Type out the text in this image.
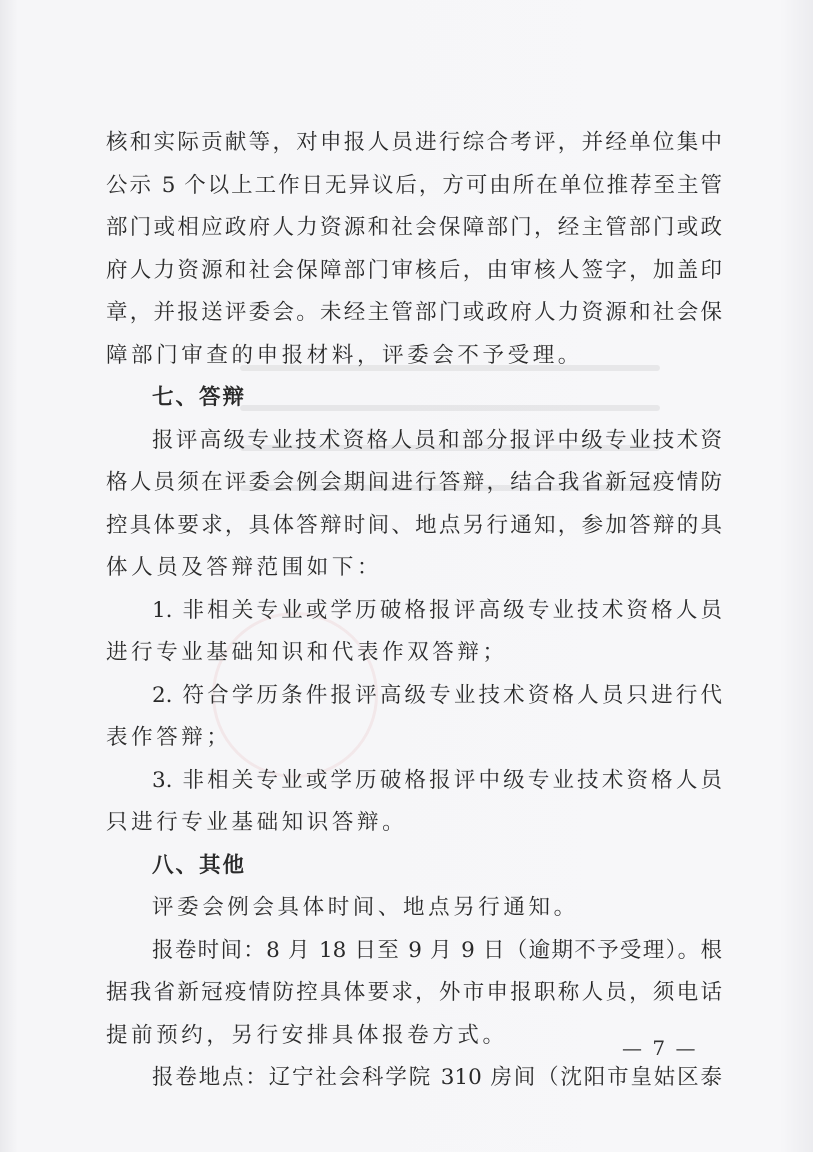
核和实际贡献等，对申报人员进行综合考评，并经单位集中
公示 5 个以上工作日无异议后，方可由所在单位推荐至主管
部门或相应政府人力资源和社会保障部门，经主管部门或政
府人力资源和社会保障部门审核后，由审核人签字，加盖印
章，并报送评委会。未经主管部门或政府人力资源和社会保
障部门审查的申报材料，评委会不予受理。
七、答辩
报评高级专业技术资格人员和部分报评中级专业技术资
格人员须在评委会例会期间进行答辩，结合我省新冠疫情防
控具体要求，具体答辩时间、地点另行通知，参加答辩的具
体人员及答辩范围如下：
1. 非相关专业或学历破格报评高级专业技术资格人员
进行专业基础知识和代表作双答辩；
2. 符合学历条件报评高级专业技术资格人员只进行代
表作答辩；
3. 非相关专业或学历破格报评中级专业技术资格人员
只进行专业基础知识答辩。
八、其他
评委会例会具体时间、地点另行通知。
报卷时间：8 月 18 日至 9 月 9 日（逾期不予受理）。根
据我省新冠疫情防控具体要求，外市申报职称人员，须电话
提前预约，另行安排具体报卷方式。
报卷地点：辽宁社会科学院 310 房间（沈阳市皇姑区泰
— 7 —
